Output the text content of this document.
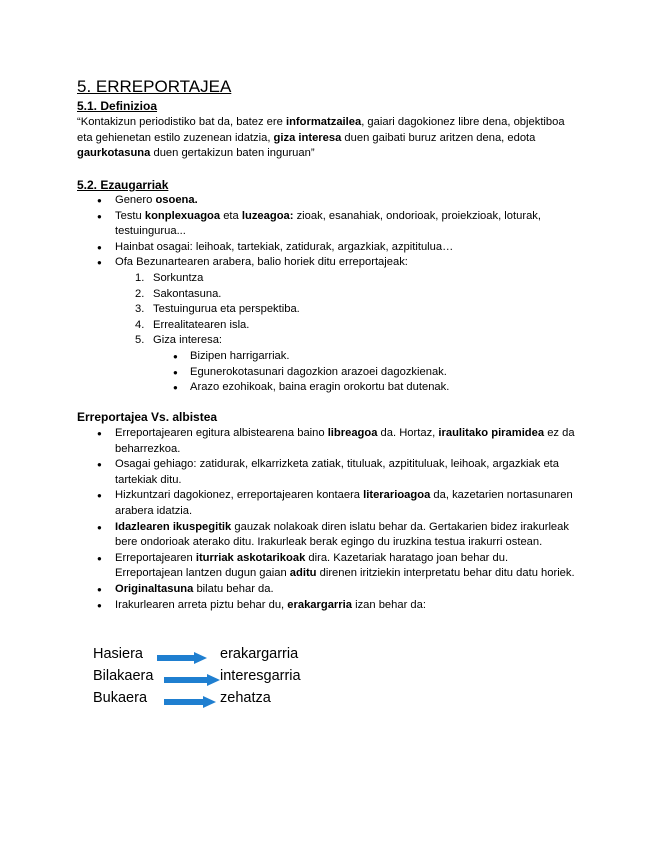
5. ERREPORTAJEA
5.1. Definizioa
“Kontakizun periodistiko bat da, batez ere informatzailea, gaiari dagokionez libre dena, objektiboa eta gehienetan estilo zuzenean idatzia, giza interesa duen gaibati buruz aritzen dena, edota gaurkotasuna duen gertakizun baten inguruan”
5.2. Ezaugarriak
● Genero osoena.
● Testu konplexuagoa eta luzeagoa: zioak, esanahiak, ondorioak, proiekzioak, loturak, testuingurua...
● Hainbat osagai: leihoak, tartekiak, zatidurak, argazkiak, azpititulua…
● Ofa Bezunartearen arabera, balio horiek ditu erreportajeak:
1. Sorkuntza
2. Sakontasuna.
3. Testuingurua eta perspektiba.
4. Errealitatearen isla.
5. Giza interesa:
● Bizipen harrigarriak.
● Egunerokotasunari dagozkion arazoei dagozkienak.
● Arazo ezohikoak, baina eragin orokortu bat dutenak.
Erreportajea Vs. albistea
● Erreportajearen egitura albistearena baino libreagoa da. Hortaz, iraulitako piramidea ez da beharrezkoa.
● Osagai gehiago: zatidurak, elkarrizketa zatiak, tituluak, azpitituluak, leihoak, argazkiak eta tartekiak ditu.
● Hizkuntzari dagokionez, erreportajearen kontaera literarioagoa da, kazetarien nortasunaren arabera idatzia.
● Idazlearen ikuspegitik gauzak nolakoak diren islatu behar da. Gertakarien bidez irakurleak bere ondorioak aterako ditu. Irakurleak berak egingo du iruzkina testua irakurri ostean.
● Erreportajearen iturriak askotarikoak dira. Kazetariak haratago joan behar du. Erreportajean lantzen dugun gaian aditu direnen iritziekin interpretatu behar ditu datu horiek.
● Originaltasuna bilatu behar da.
● Irakurlearen arreta piztu behar du, erakargarria izan behar da:
Hasiera	erakargarria
Bilakaera	interesgarria
Bukaera	zehatza
